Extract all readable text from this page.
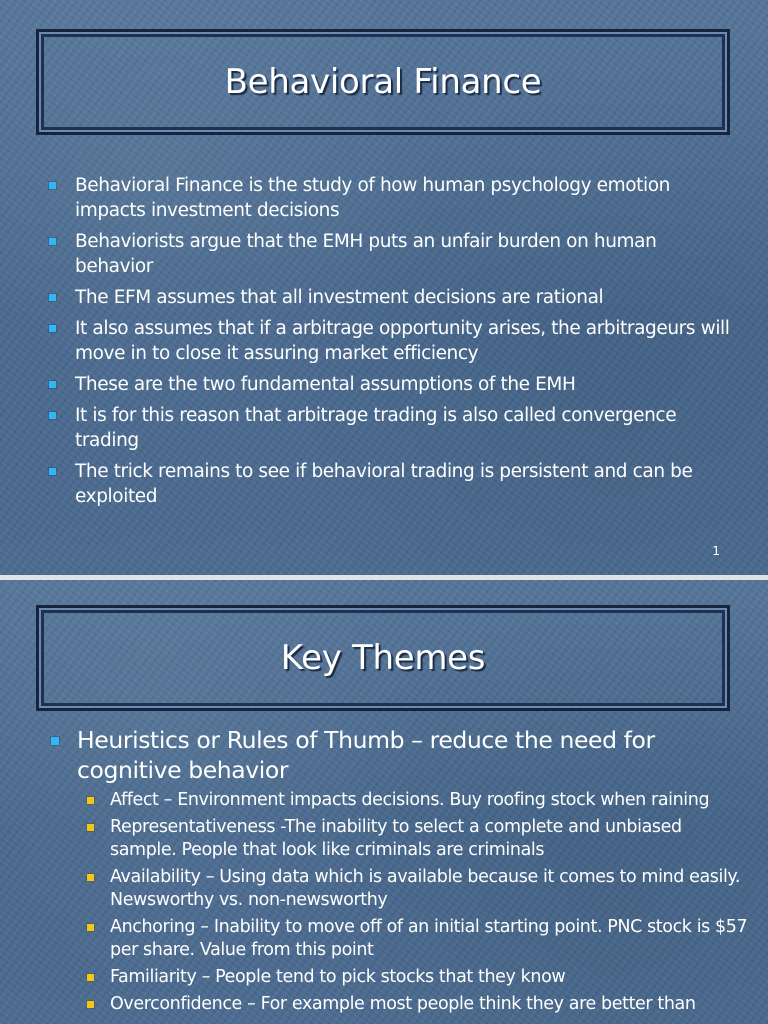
Behavioral Finance
Behavioral Finance is the study of how human psychology emotion impacts investment decisions
Behaviorists argue that the EMH puts an unfair burden on human behavior
The EFM assumes that all investment decisions are rational
It also assumes that if a arbitrage opportunity arises, the arbitrageurs will move in to close it assuring market efficiency
These are the two fundamental assumptions of the EMH
It is for this reason that arbitrage trading is also called convergence trading
The trick remains to see if behavioral trading is persistent and can be exploited
1
Key Themes
Heuristics or Rules of Thumb – reduce the need for cognitive behavior
Affect – Environment impacts decisions. Buy roofing stock when raining
Representativeness -The inability to select a complete and unbiased sample. People that look like criminals are criminals
Availability – Using data which is available because it comes to mind easily. Newsworthy vs. non-newsworthy
Anchoring – Inability to move off of an initial starting point. PNC stock is $57 per share. Value from this point
Familiarity – People tend to pick stocks that they know
Overconfidence – For example most people think they are better than
